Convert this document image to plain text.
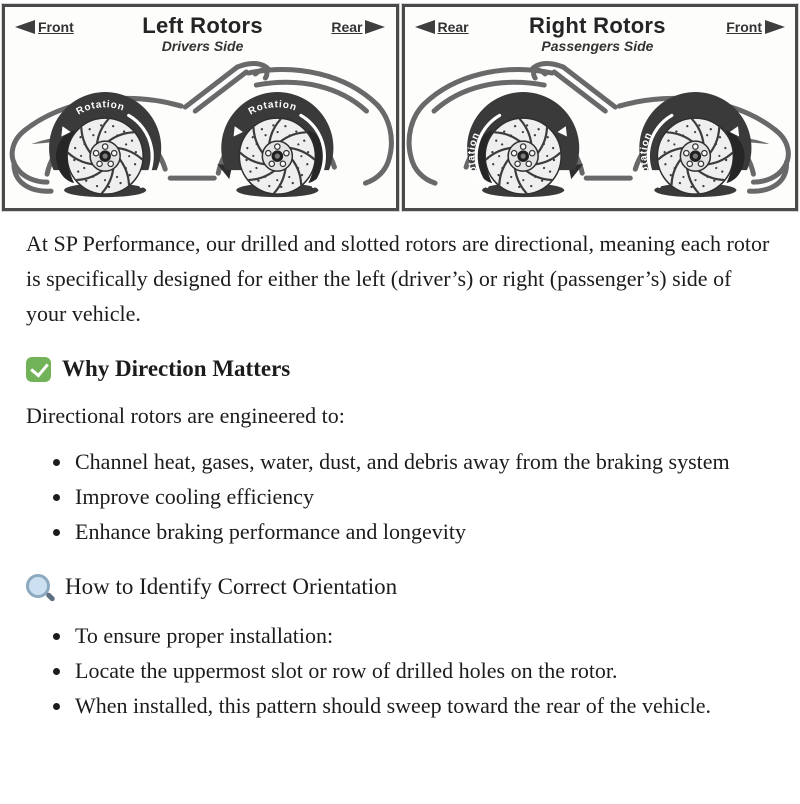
Front	Left Rotors
Drivers Side
Rear
Rotation	Rotation
Rear	Right Rotors
Passengers Side
Front
Rotation
Rotation

At SP Performance, our drilled and slotted rotors are directional, meaning each rotor is specifically designed for either the left (driver’s) or right (passenger’s) side of your vehicle.

Why Direction Matters

Directional rotors are engineered to:

• Channel heat, gases, water, dust, and debris away from the braking system
• Improve cooling efficiency
• Enhance braking performance and longevity
How to Identify Correct Orientation
• To ensure proper installation:
• Locate the uppermost slot or row of drilled holes on the rotor.
• When installed, this pattern should sweep toward the rear of the vehicle.
